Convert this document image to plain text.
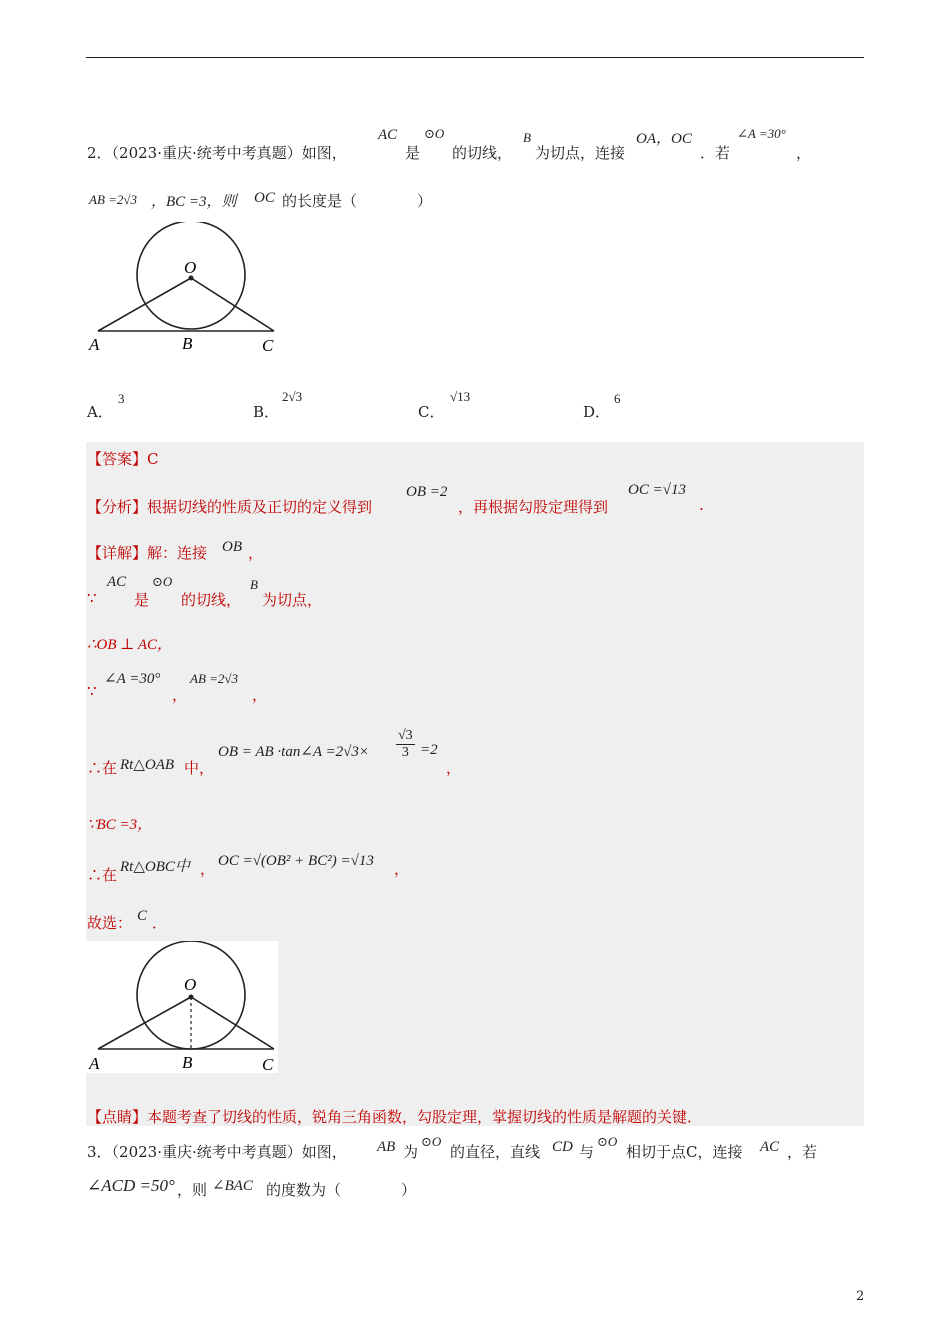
2．（2023·重庆·统考中考真题）如图，
AC
是
⊙O
的切线，
B
为切点，连接
OA，OC
．若
∠A =30°
，
AB =2√3 ，BC =3，则 OC 的长度是（　　　　）
O
A	B	C
A．
3
B．
2√3
C．
√13
D．
6
【答案】C
【分析】根据切线的性质及正切的定义得到
OB =2
，再根据勾股定理得到
OC =√13
.
【详解】解：连接 OB ，
∵
AC
是
⊙O
的切线，
B
为切点，
∴OB ⊥ AC，
∵
∠A =30°
，
AB =2√3
，
∴在 Rt△OAB 中，
OB = AB ·tan∠A $=2√3\times \frac{√3}{3} =2$
，
∵BC =3，
∴在 Rt△OBC中 ， OC =√(OB² + BC²) =√13 ，
故选： C ．
O
A	B	C
【点睛】本题考查了切线的性质，锐角三角函数，勾股定理，掌握切线的性质是解题的关键．
3．（2023·重庆·统考中考真题）如图， AB 为
⊙O
的直径，直线 CD 与
⊙O
相切于点C，连接 AC ，若
∠ACD =50° ，则 ∠BAC 的度数为（　　　　）
2
